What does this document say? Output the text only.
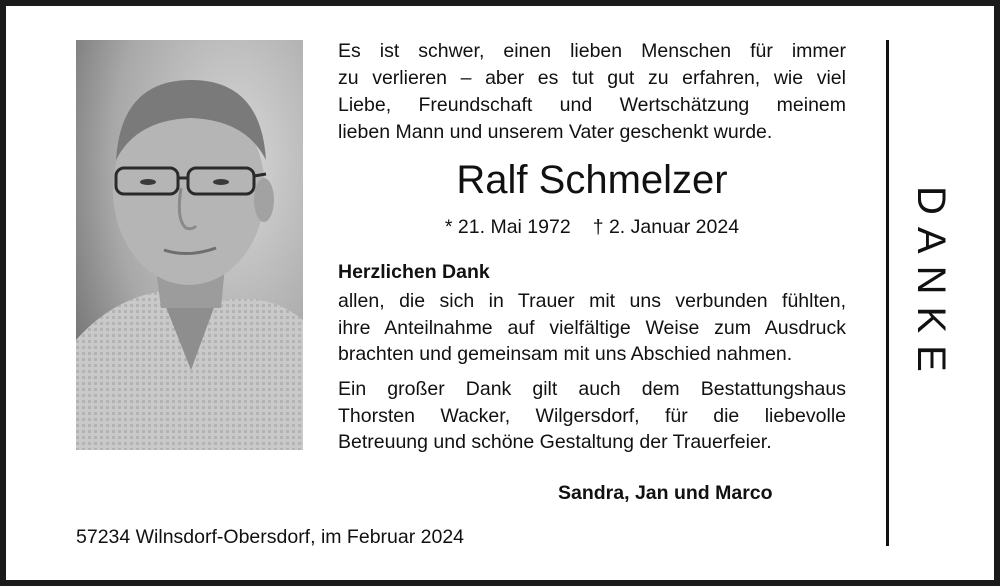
Es ist schwer, einen lieben Menschen für immer
zu verlieren – aber es tut gut zu erfahren, wie viel
Liebe, Freundschaft und Wertschätzung meinem
lieben Mann und unserem Vater geschenkt wurde.
Ralf Schmelzer
* 21. Mai 1972 † 2. Januar 2024
Herzlichen Dank
allen, die sich in Trauer mit uns verbunden fühlten,
ihre Anteilnahme auf vielfältige Weise zum Ausdruck
brachten und gemeinsam mit uns Abschied nahmen.
Ein großer Dank gilt auch dem Bestattungshaus
Thorsten Wacker, Wilgersdorf, für die liebevolle
Betreuung und schöne Gestaltung der Trauerfeier.
Sandra, Jan und Marco
57234 Wilnsdorf-Obersdorf, im Februar 2024
DANKE
